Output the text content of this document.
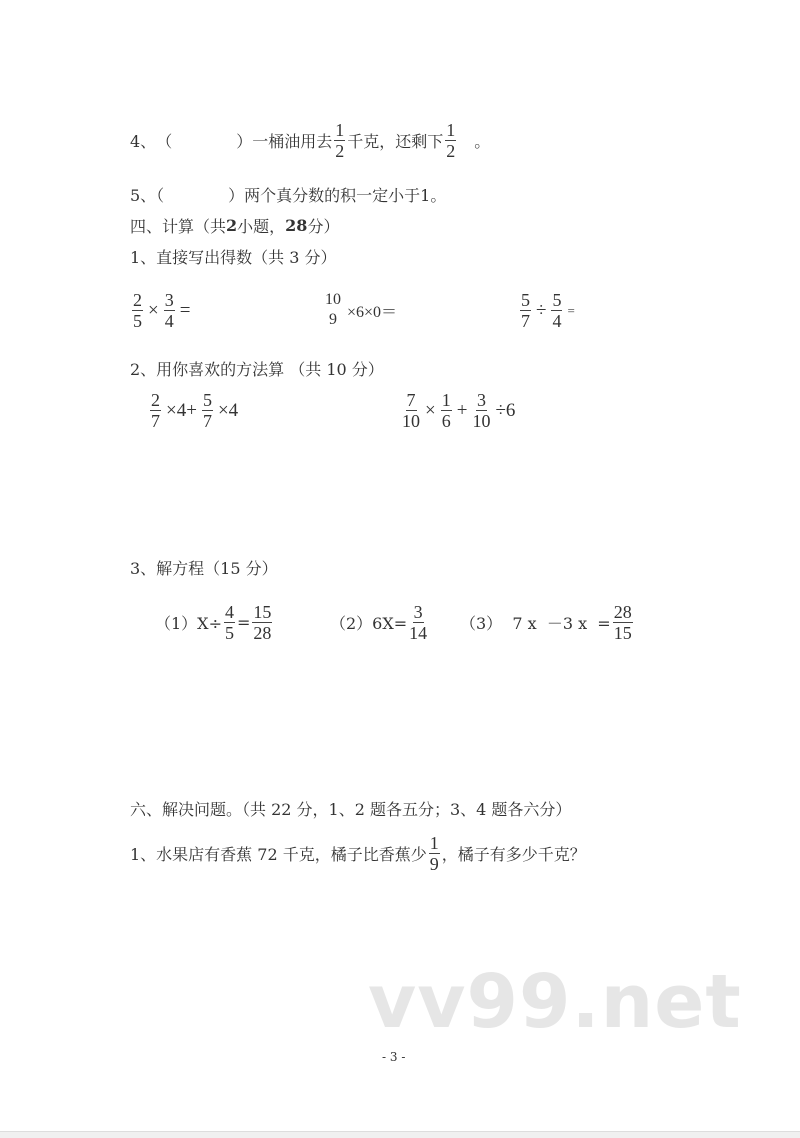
4、 （　　　　） 一桶油用去 $\frac{1}{2}$ 千克，还剩下 $\frac{1}{2}$ 　。
5、（　　　　）两个真分数的积一定小于1。
四、计算（共 2 小题， 28 分）
1、直接写出得数（共 3 分）
$\frac{2}{5} \times \frac{3}{4}$ =	10
9 ×6×0＝	$\frac{5}{7} \div \frac{5}{4}$ =
2、用你喜欢的方法算 （共 10 分）
$\frac{2}{7} \times 4+ \frac{5}{7} \times 4$	$\frac{7}{10} \times \frac{1}{6} + \frac{3}{10} \div 6$
3、解方程（15 分）
$(1)X\div \frac{4}{5} = \frac{15}{28}$	$(2)6X= \frac{3}{14} (3)$  7 x  －3 $x = \frac{28}{15}$
六、解决问题。（共 22 分，1、2 题各五分；3、4 题各六分）
1、水果店有香蕉 72 千克，橘子比香蕉少 $\frac{1}{9}$ ，橘子有多少千克？
vv99.net
- 3 -
